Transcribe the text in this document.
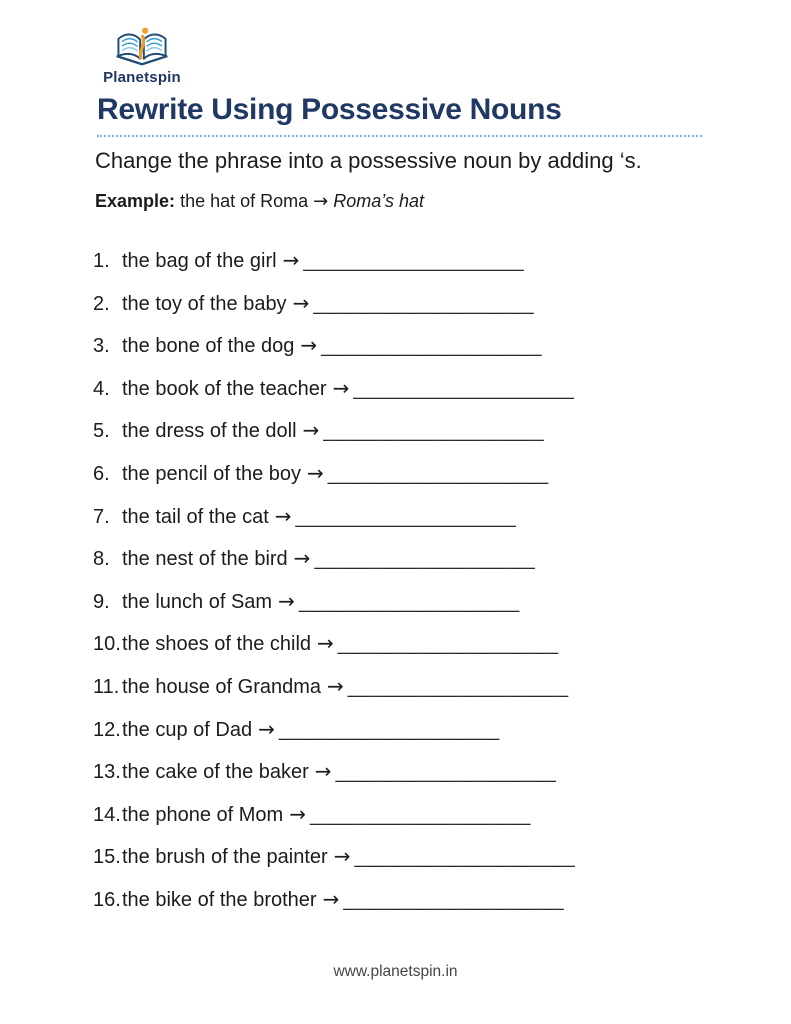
Planetspin
Rewrite Using Possessive Nouns

Change the phrase into a possessive noun by adding ‘s.

Example: the hat of Roma → Roma’s hat

1. the bag of the girl → ___________________
2. the toy of the baby → ___________________
3. the bone of the dog → ___________________
4. the book of the teacher → ___________________
5. the dress of the doll → ___________________
6. the pencil of the boy → ___________________
7. the tail of the cat → ___________________
8. the nest of the bird → ___________________
9. the lunch of Sam → ___________________
10.the shoes of the child → ___________________
11. the house of Grandma → ___________________
12.the cup of Dad → ___________________
13.the cake of the baker → ___________________
14.the phone of Mom → ___________________
15.the brush of the painter → ___________________
16.the bike of the brother → ___________________
www.planetspin.in
